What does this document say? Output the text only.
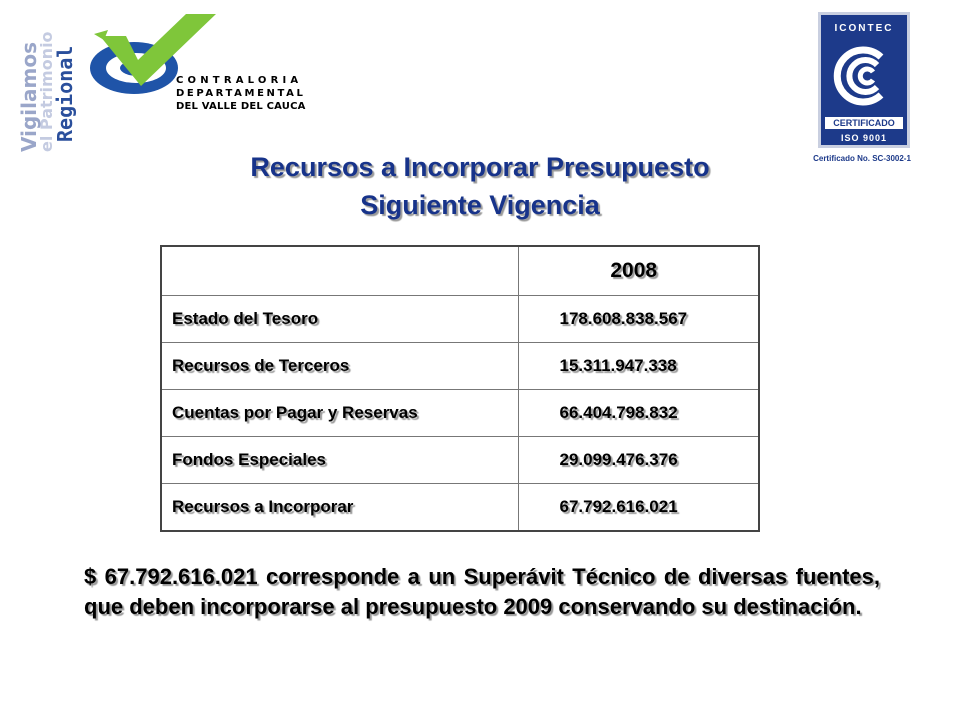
Vigilamos
el Patrimonio
Regional	CONTRALORIA
DEPARTAMENTAL
DEL VALLE DEL CAUCA
ICONTEC
CERTIFICADO
ISO 9001
Certificado No. SC-3002-1
Recursos a Incorporar Presupuesto
Siguiente Vigencia
	2008
Estado del Tesoro	178.608.838.567
Recursos de Terceros	15.311.947.338
Cuentas por Pagar y Reservas	66.404.798.832
Fondos Especiales	29.099.476.376
Recursos a Incorporar	67.792.616.021
$ 67.792.616.021 corresponde a un Superávit Técnico de diversas fuentes, que deben incorporarse al presupuesto 2009 conservando su destinación.
